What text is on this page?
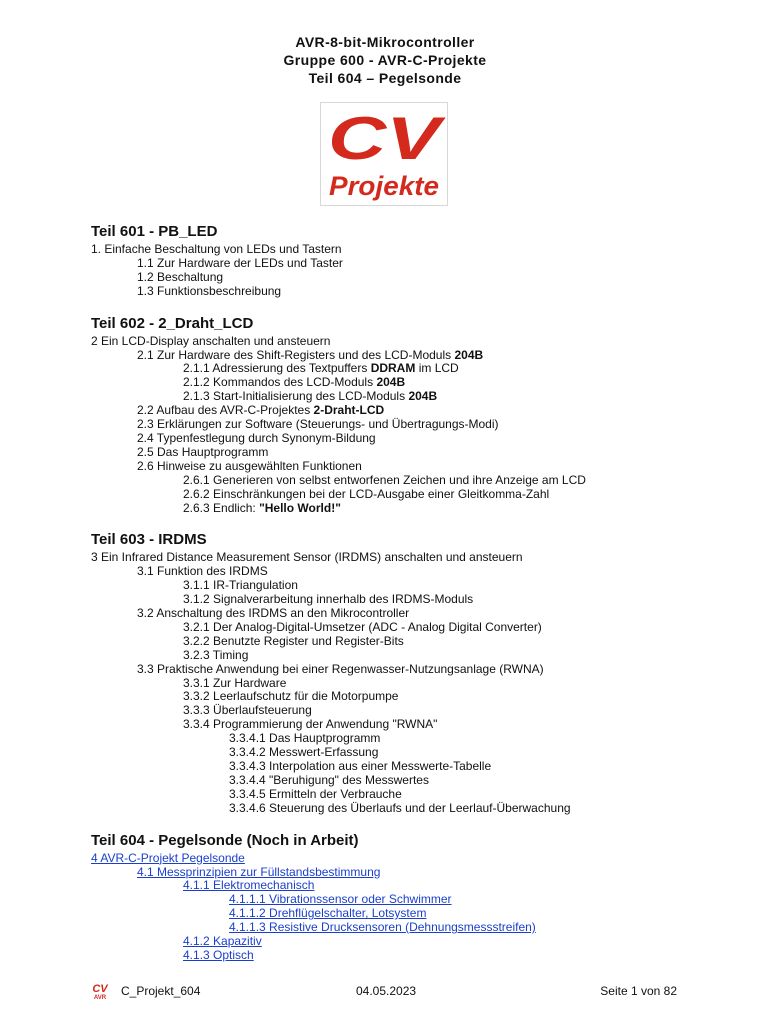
AVR-8-bit-Mikrocontroller
Gruppe 600 - AVR-C-Projekte
Teil 604 – Pegelsonde
CV
Projekte
Teil 601 - PB_LED
1. Einfache Beschaltung von LEDs und Tastern
1.1 Zur Hardware der LEDs und Taster
1.2 Beschaltung
1.3 Funktionsbeschreibung
Teil 602 - 2_Draht_LCD
2 Ein LCD-Display anschalten und ansteuern
2.1 Zur Hardware des Shift-Registers und des LCD-Moduls 204B
2.1.1 Adressierung des Textpuffers DDRAM im LCD
2.1.2 Kommandos des LCD-Moduls 204B
2.1.3 Start-Initialisierung des LCD-Moduls 204B
2.2 Aufbau des AVR-C-Projektes 2-Draht-LCD
2.3 Erklärungen zur Software (Steuerungs- und Übertragungs-Modi)
2.4 Typenfestlegung durch Synonym-Bildung
2.5 Das Hauptprogramm
2.6 Hinweise zu ausgewählten Funktionen
2.6.1 Generieren von selbst entworfenen Zeichen und ihre Anzeige am LCD
2.6.2 Einschränkungen bei der LCD-Ausgabe einer Gleitkomma-Zahl
2.6.3 Endlich: "Hello World!"
Teil 603 - IRDMS
3 Ein Infrared Distance Measurement Sensor (IRDMS) anschalten und ansteuern
3.1 Funktion des IRDMS
3.1.1 IR-Triangulation
3.1.2 Signalverarbeitung innerhalb des IRDMS-Moduls
3.2 Anschaltung des IRDMS an den Mikrocontroller
3.2.1 Der Analog-Digital-Umsetzer (ADC - Analog Digital Converter)
3.2.2 Benutzte Register und Register-Bits
3.2.3 Timing
3.3 Praktische Anwendung bei einer Regenwasser-Nutzungsanlage (RWNA)
3.3.1 Zur Hardware
3.3.2 Leerlaufschutz für die Motorpumpe
3.3.3 Überlaufsteuerung
3.3.4 Programmierung der Anwendung "RWNA"
3.3.4.1 Das Hauptprogramm
3.3.4.2 Messwert-Erfassung
3.3.4.3 Interpolation aus einer Messwerte-Tabelle
3.3.4.4 "Beruhigung" des Messwertes
3.3.4.5 Ermitteln der Verbrauche
3.3.4.6 Steuerung des Überlaufs und der Leerlauf-Überwachung
Teil 604 - Pegelsonde (Noch in Arbeit)
4 AVR-C-Projekt Pegelsonde
4.1 Messprinzipien zur Füllstandsbestimmung
4.1.1 Elektromechanisch
4.1.1.1 Vibrationssensor oder Schwimmer
4.1.1.2 Drehflügelschalter, Lotsystem
4.1.1.3 Resistive Drucksensoren (Dehnungsmessstreifen)
4.1.2 Kapazitiv
4.1.3 Optisch
CV
AVR C_Projekt_604	04.05.2023	Seite 1 von 82
